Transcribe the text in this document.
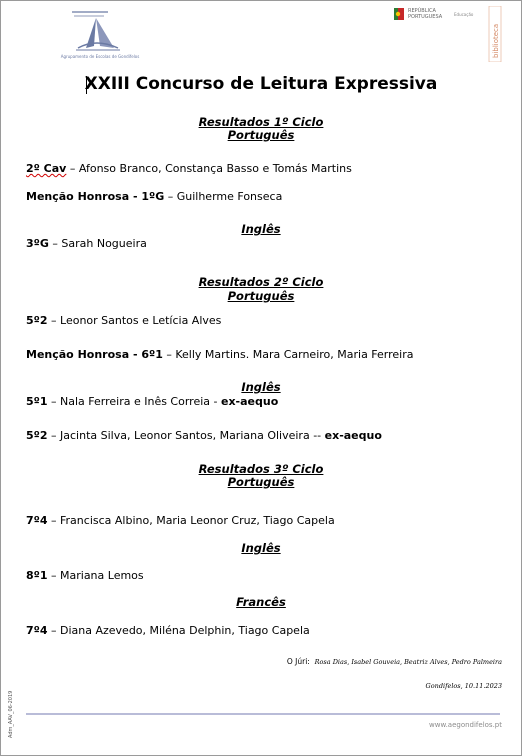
Agrupamento de Escolas de Gondifelos
REPÚBLICA PORTUGUESA	Educação
biblioteca
XXIII Concurso de Leitura Expressiva
Resultados 1º Ciclo
Português
2º Cav – Afonso Branco, Constança Basso e Tomás Martins
Menção Honrosa - 1ºG – Guilherme Fonseca
Inglês
3ºG – Sarah Nogueira
Resultados 2º Ciclo
Português
5º2 – Leonor Santos e Letícia Alves
Menção Honrosa - 6º1 – Kelly Martins. Mara Carneiro, Maria Ferreira
Inglês
5º1 – Nala Ferreira e Inês Correia - ex-aequo
5º2 – Jacinta Silva, Leonor Santos, Mariana Oliveira -- ex-aequo
Resultados 3º Ciclo
Português
7º4 – Francisca Albino, Maria Leonor Cruz, Tiago Capela
Inglês
8º1 – Mariana Lemos
Francês
7º4 – Diana Azevedo, Miléna Delphin, Tiago Capela
O Júri: Rosa Dias, Isabel Gouveia, Beatriz Alves, Pedro Palmeira
Gondifelos, 10.11.2023
www.aegondifelos.pt
Adm_AAV_06-2019
